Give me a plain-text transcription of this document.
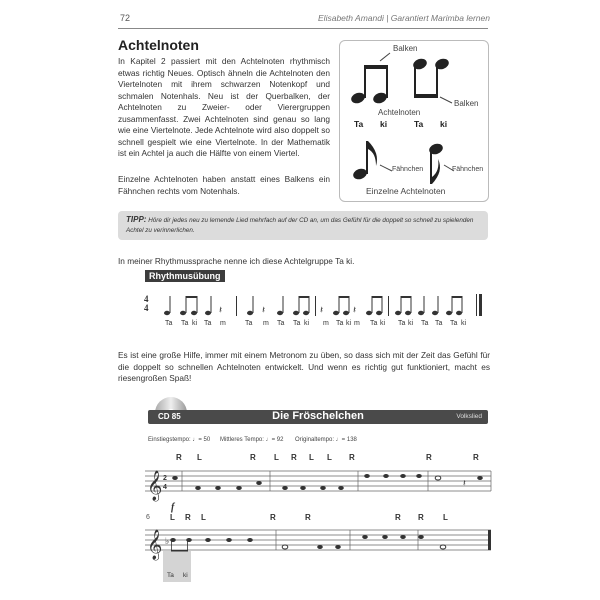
72	Elisabeth Amandi | Garantiert Marimba lernen
Achtelnoten
In Kapitel 2 passiert mit den Achtelnoten rhythmisch etwas richtig Neues. Optisch ähneln die Achtelnoten den Viertelnoten mit ihrem schwarzen Notenkopf und schmalen Notenhals. Neu ist der Querbalken, der Achtelnoten zu Zweier- oder Vierergruppen zusammenfasst. Zwei Achtelnoten sind genau so lang wie eine Viertelnote. Jede Achtelnote wird also doppelt so schnell gespielt wie eine Viertelnote. In der Mathematik ist ein Achtel ja auch die Hälfte von einem Viertel.
Einzelne Achtelnoten haben anstatt eines Balkens ein Fähnchen rechts vom Notenhals.
Balken
Balken
Achtelnoten
Ta ki	Ta ki
Fähnchen	Fähnchen
Einzelne Achtelnoten
TIPP: Höre dir jedes neu zu lernende Lied mehrfach auf der CD an, um das Gefühl für die doppelt so schnell zu spielenden Achtel zu verinnerlichen.
In meiner Rhythmussprache nenne ich diese Achtelgruppe Ta ki.
Rhythmusübung
4
4	𝄽	𝄽	𝄽	𝄽
Ta Ta ki Ta m	Ta m Ta Ta ki m Ta ki m Ta ki Ta ki Ta Ta Ta ki
Es ist eine große Hilfe, immer mit einem Metronom zu üben, so dass sich mit der Zeit das Gefühl für die doppelt so schnellen Achtelnoten entwickelt. Und wenn es richtig gut funktioniert, macht es riesengroßen Spaß!
CD 85	Die Fröschelchen	Volkslied
Einstiegstempo: ♩= 50 Mittleres Tempo: ♩= 92 Originaltempo: ♩= 138
R L	R L R L L R	R	R
𝄞 2
4	𝄽
f
6	L R L	R	R	R R L
𝄞 ♭
Ta ki
